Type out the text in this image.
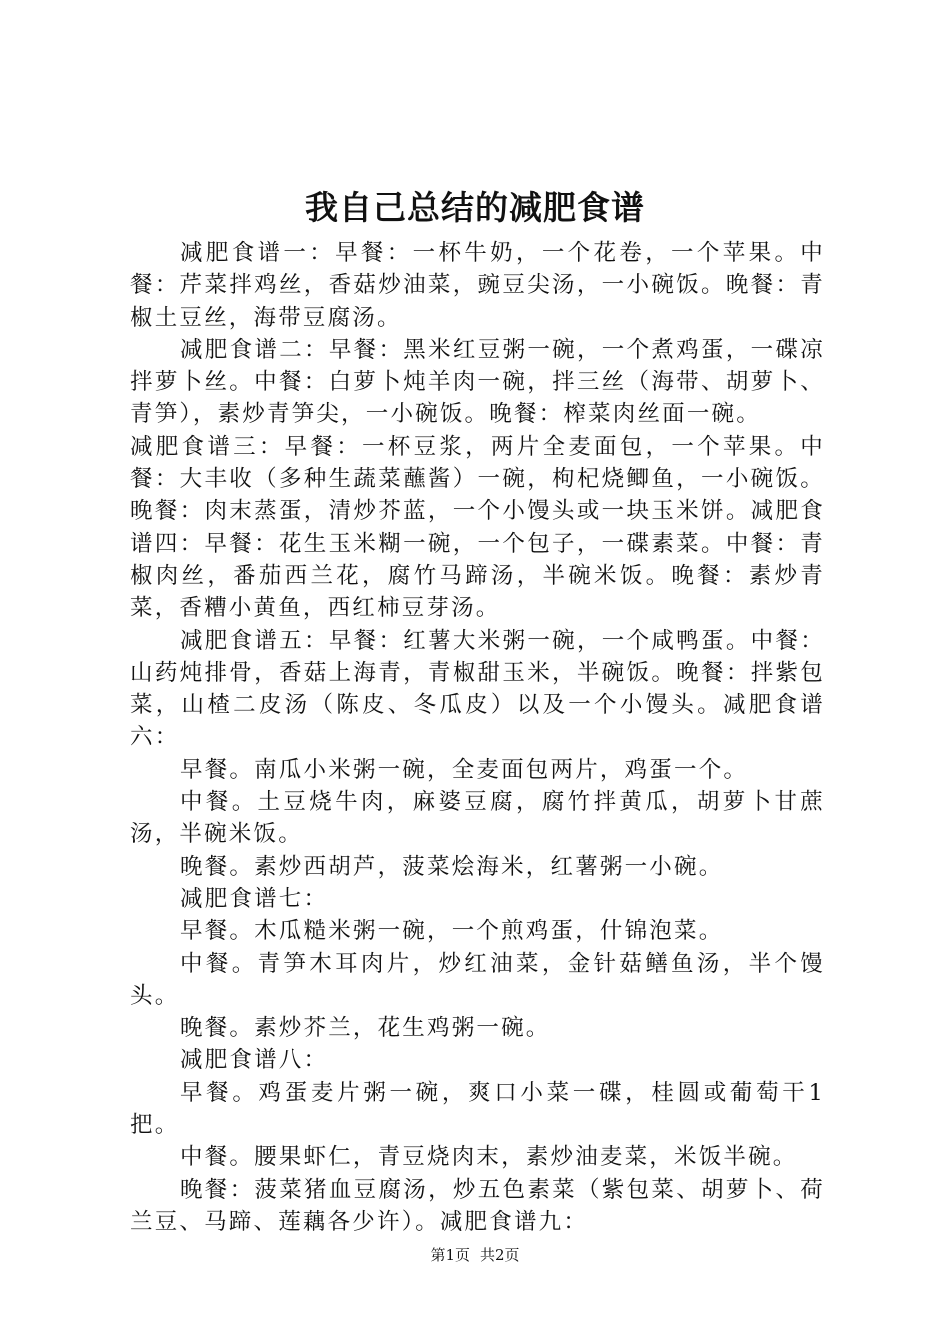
我自己总结的减肥食谱

减肥食谱一：早餐：一杯牛奶，一个花卷，一个苹果。中餐：芹菜拌鸡丝，香菇炒油菜，豌豆尖汤，一小碗饭。晚餐：青椒土豆丝，海带豆腐汤。

减肥食谱二：早餐：黑米红豆粥一碗，一个煮鸡蛋，一碟凉拌萝卜丝。中餐：白萝卜炖羊肉一碗，拌三丝（海带、胡萝卜、青笋），素炒青笋尖，一小碗饭。晚餐：榨菜肉丝面一碗。

减肥食谱三：早餐：一杯豆浆，两片全麦面包，一个苹果。中餐：大丰收（多种生蔬菜蘸酱）一碗，枸杞烧鲫鱼，一小碗饭。晚餐：肉末蒸蛋，清炒芥蓝，一个小馒头或一块玉米饼。减肥食谱四：早餐：花生玉米糊一碗，一个包子，一碟素菜。中餐：青椒肉丝，番茄西兰花，腐竹马蹄汤，半碗米饭。晚餐：素炒青菜，香糟小黄鱼，西红柿豆芽汤。

减肥食谱五：早餐：红薯大米粥一碗，一个咸鸭蛋。中餐：山药炖排骨，香菇上海青，青椒甜玉米，半碗饭。晚餐：拌紫包菜，山楂二皮汤（陈皮、冬瓜皮）以及一个小馒头。减肥食谱六：

早餐。南瓜小米粥一碗，全麦面包两片，鸡蛋一个。

中餐。土豆烧牛肉，麻婆豆腐，腐竹拌黄瓜，胡萝卜甘蔗汤，半碗米饭。

晚餐。素炒西胡芦，菠菜烩海米，红薯粥一小碗。

减肥食谱七：

早餐。木瓜糙米粥一碗，一个煎鸡蛋，什锦泡菜。

中餐。青笋木耳肉片，炒红油菜，金针菇鳝鱼汤，半个馒头。

晚餐。素炒芥兰，花生鸡粥一碗。

减肥食谱八：

早餐。鸡蛋麦片粥一碗，爽口小菜一碟，桂圆或葡萄干1把。

中餐。腰果虾仁，青豆烧肉末，素炒油麦菜，米饭半碗。

晚餐：菠菜猪血豆腐汤，炒五色素菜（紫包菜、胡萝卜、荷兰豆、马蹄、莲藕各少许）。减肥食谱九：

第1页 共2页
